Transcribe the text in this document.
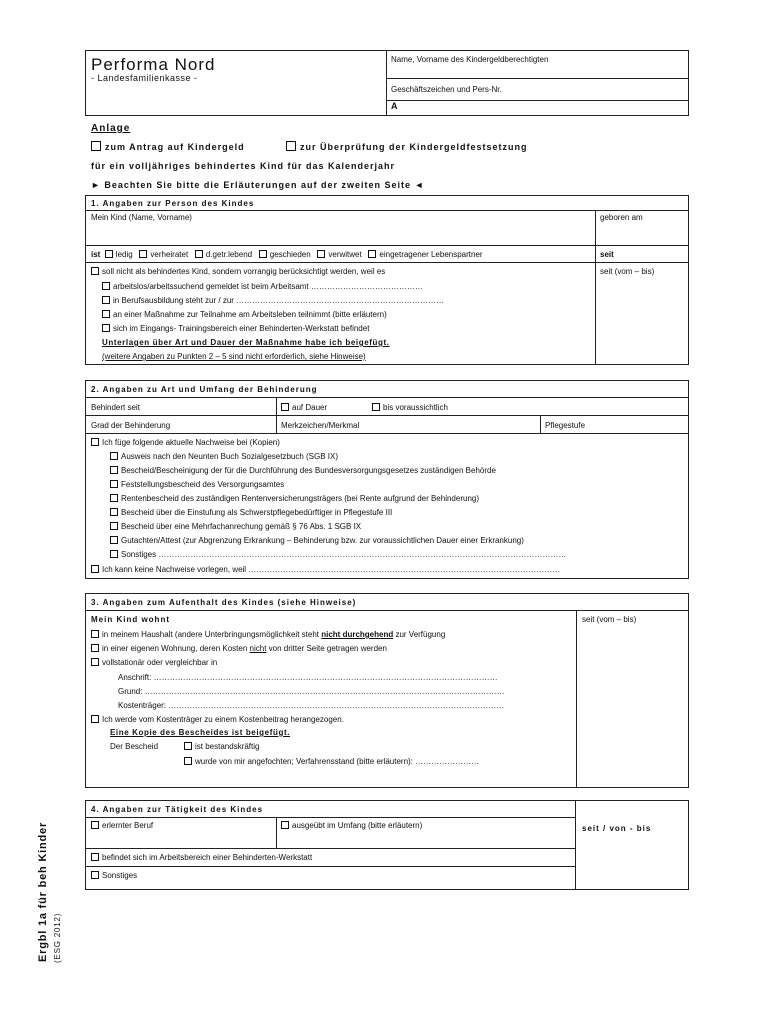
Performa Nord
- Landesfamilienkasse -
Name, Vorname des Kindergeldberechtigten
Geschäftszeichen und Pers-Nr.
A
Anlage
zum Antrag auf Kindergeld	zur Überprüfung der Kindergeldfestsetzung
für ein volljähriges behindertes Kind für das Kalenderjahr
► Beachten Sie bitte die Erläuterungen auf der zweiten Seite ◄
1. Angaben zur Person des Kindes
Mein Kind (Name, Vorname)	geboren am
ist ledig verheiratet d.getr.lebend geschieden verwitwet eingetragener Lebenspartner	seit
soll nicht als behindertes Kind, sondern vorrangig berücksichtigt werden, weil es	seit (vom – bis)
arbeitslos/arbeitssuchend gemeldet ist beim Arbeitsamt ……………………………………
in Berufsausbildung steht zur / zur ……………………………………………………………………
an einer Maßnahme zur Teilnahme am Arbeitsleben teilnimmt (bitte erläutern)
sich im Eingangs- Trainingsbereich einer Behinderten-Werkstatt befindet
Unterlagen über Art und Dauer der Maßnahme habe ich beigefügt.
(weitere Angaben zu Punkten 2 – 5 sind nicht erforderlich, siehe Hinweise)
2. Angaben zu Art und Umfang der Behinderung
Behindert seit	auf Dauer	bis voraussichtlich
Grad der Behinderung	Merkzeichen/Merkmal	Pflegestufe
Ich füge folgende aktuelle Nachweise bei (Kopien)
Ausweis nach den Neunten Buch Sozialgesetzbuch (SGB IX)
Bescheid/Bescheinigung der für die Durchführung des Bundesversorgungsgesetzes zuständigen Behörde
Feststellungsbescheid des Versorgungsamtes
Rentenbescheid des zuständigen Rentenversicherungsträgers (bei Rente aufgrund der Behinderung)
Bescheid über die Einstufung als Schwerstpflegebedürftiger in Pflegestufe III
Bescheid über eine Mehrfachanrechung gemäß § 76 Abs. 1 SGB IX
Gutachten/Attest (zur Abgrenzung Erkrankung – Behinderung bzw. zur voraussichtlichen Dauer einer Erkrankung)
Sonstiges ………………………………………………………………………………………………………………………………………
Ich kann keine Nachweise vorlegen, weil ………………………………………………………………………………………………………
3. Angaben zum Aufenthalt des Kindes (siehe Hinweise)
Mein Kind wohnt	seit (vom – bis)
in meinem Haushalt (andere Unterbringungsmöglichkeit steht nicht durchgehend zur Verfügung
in einer eigenen Wohnung, deren Kosten nicht von dritter Seite getragen werden
vollstationär oder vergleichbar in
Anschrift: …………………………………………………………………………………………………………………
Grund: ………………………………………………………………………………………………………………………
Kostenträger: ………………………………………………………………………………………………………………
Ich werde vom Kostenträger zu einem Kostenbeitrag herangezogen.
Eine Kopie des Bescheides ist beigefügt.
Der Bescheid	ist bestandskräftig
wurde von mir angefochten; Verfahrensstand (bitte erläutern): ……………………
4. Angaben zur Tätigkeit des Kindes
erlernter Beruf	ausgeübt im Umfang (bitte erläutern)	seit / von - bis
befindet sich im Arbeitsbereich einer Behinderten-Werkstatt
Sonstiges
Ergbl 1a für beh Kinder (ESG 2012)
